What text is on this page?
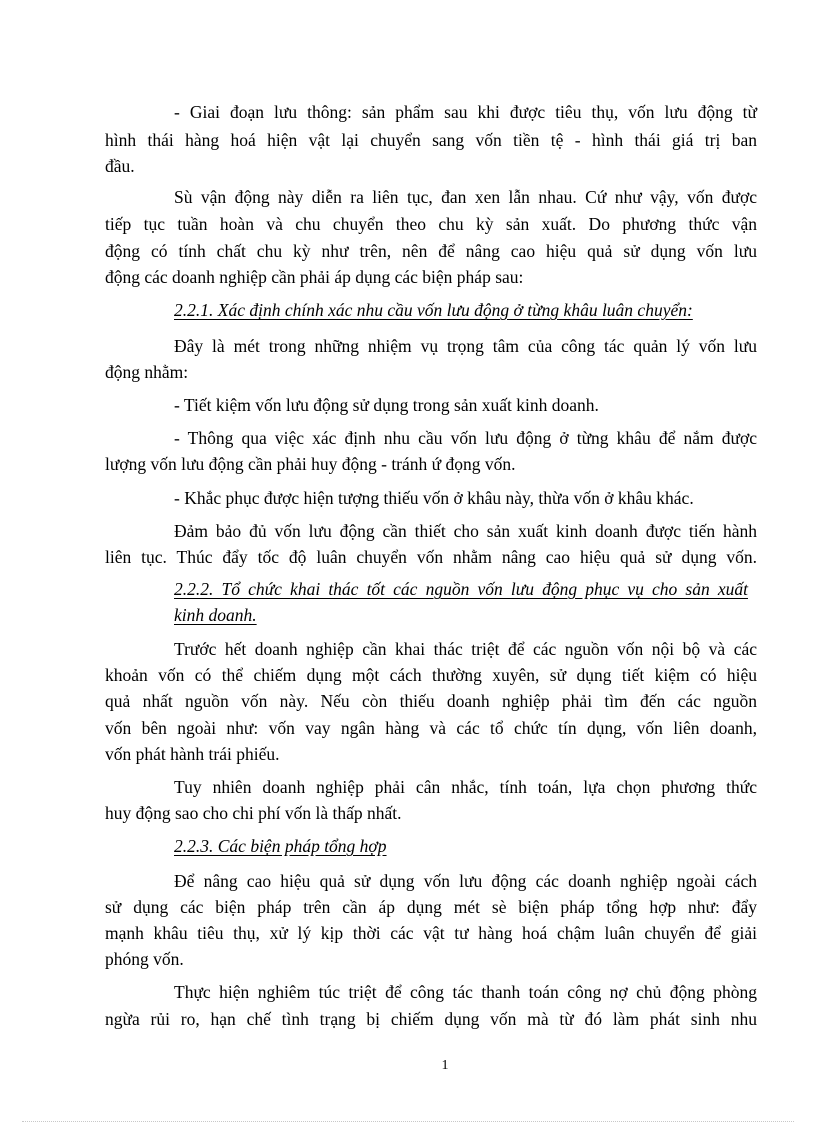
- Giai đoạn lưu thông: sản phẩm sau khi được tiêu thụ, vốn lưu động từ
hình thái hàng hoá hiện vật lại chuyển sang vốn tiền tệ - hình thái giá trị ban
đầu.
Sù vận động này diễn ra liên tục, đan xen lẫn nhau. Cứ như vậy, vốn được
tiếp tục tuần hoàn và chu chuyển theo chu kỳ sản xuất. Do phương thức vận
động có tính chất chu kỳ như trên, nên để nâng cao hiệu quả sử dụng vốn lưu
động các doanh nghiệp cần phải áp dụng các biện pháp sau:
2.2.1. Xác định chính xác nhu cầu vốn lưu động ở từng khâu luân chuyển:
Đây là mét trong những nhiệm vụ trọng tâm của công tác quản lý vốn lưu
động nhằm:
- Tiết kiệm vốn lưu động sử dụng trong sản xuất kinh doanh.
- Thông qua việc xác định nhu cầu vốn lưu động ở từng khâu để nắm được
lượng vốn lưu động cần phải huy động - tránh ứ đọng vốn.
- Khắc phục được hiện tượng thiếu vốn ở khâu này, thừa vốn ở khâu khác.
Đảm bảo đủ vốn lưu động cần thiết cho sản xuất kinh doanh được tiến hành
liên tục. Thúc đẩy tốc độ luân chuyển vốn nhằm nâng cao hiệu quả sử dụng vốn.
2.2.2. Tổ chức khai thác tốt các nguồn vốn lưu động phục vụ cho sản xuất
kinh doanh.
Trước hết doanh nghiệp cần khai thác triệt để các nguồn vốn nội bộ và các
khoản vốn có thể chiếm dụng một cách thường xuyên, sử dụng tiết kiệm có hiệu
quả nhất nguồn vốn này. Nếu còn thiếu doanh nghiệp phải tìm đến các nguồn
vốn bên ngoài như: vốn vay ngân hàng và các tổ chức tín dụng, vốn liên doanh,
vốn phát hành trái phiếu.
Tuy nhiên doanh nghiệp phải cân nhắc, tính toán, lựa chọn phương thức
huy động sao cho chi phí vốn là thấp nhất.
2.2.3. Các biện pháp tổng hợp
Để nâng cao hiệu quả sử dụng vốn lưu động các doanh nghiệp ngoài cách
sử dụng các biện pháp trên cần áp dụng mét sè biện pháp tổng hợp như: đẩy
mạnh khâu tiêu thụ, xử lý kịp thời các vật tư hàng hoá chậm luân chuyển để giải
phóng vốn.
Thực hiện nghiêm túc triệt để công tác thanh toán công nợ chủ động phòng
ngừa rủi ro, hạn chế tình trạng bị chiếm dụng vốn mà từ đó làm phát sinh nhu
1
